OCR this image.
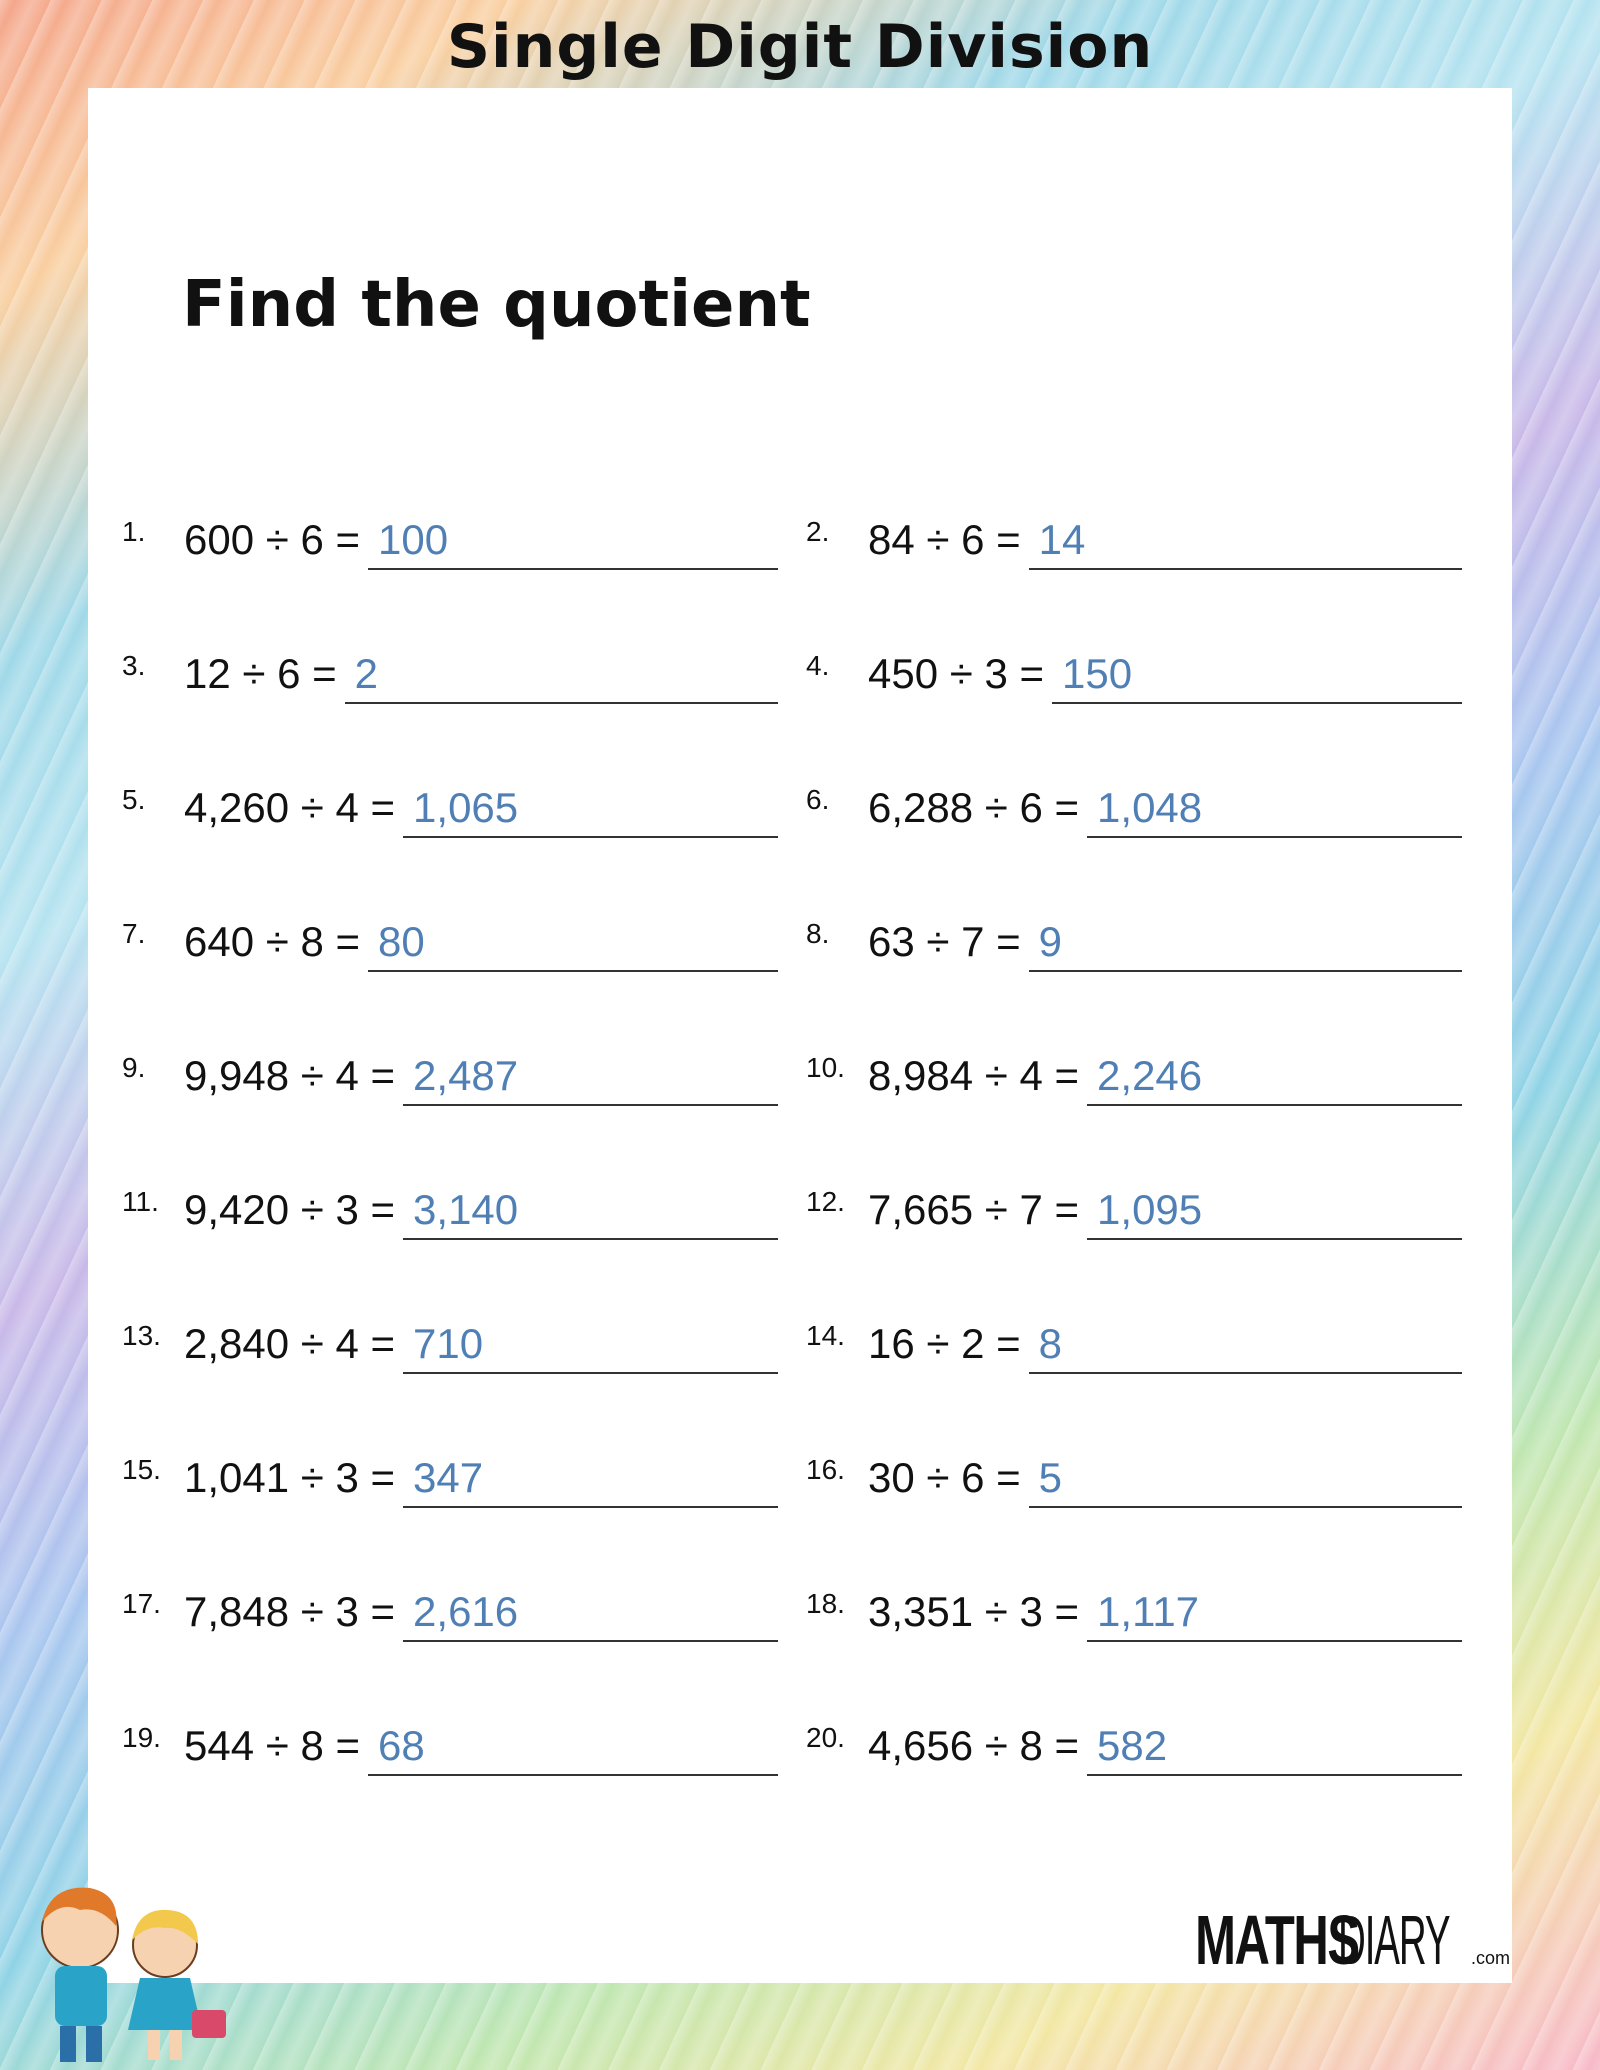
Single Digit Division
Find the quotient
1. 600 ÷ 6 = 100	2. 84 ÷ 6 = 14
3. 12 ÷ 6 = 2	4. 450 ÷ 3 = 150
5. 4,260 ÷ 4 = 1,065	6. 6,288 ÷ 6 = 1,048
7. 640 ÷ 8 = 80	8. 63 ÷ 7 = 9
9. 9,948 ÷ 4 = 2,487	10. 8,984 ÷ 4 = 2,246
11. 9,420 ÷ 3 = 3,140	12. 7,665 ÷ 7 = 1,095
13. 2,840 ÷ 4 = 710	14. 16 ÷ 2 = 8
15. 1,041 ÷ 3 = 347	16. 30 ÷ 6 = 5
17. 7,848 ÷ 3 = 2,616	18. 3,351 ÷ 3 = 1,117
19. 544 ÷ 8 = 68	20. 4,656 ÷ 8 = 582
MATHS
DIARY .com
